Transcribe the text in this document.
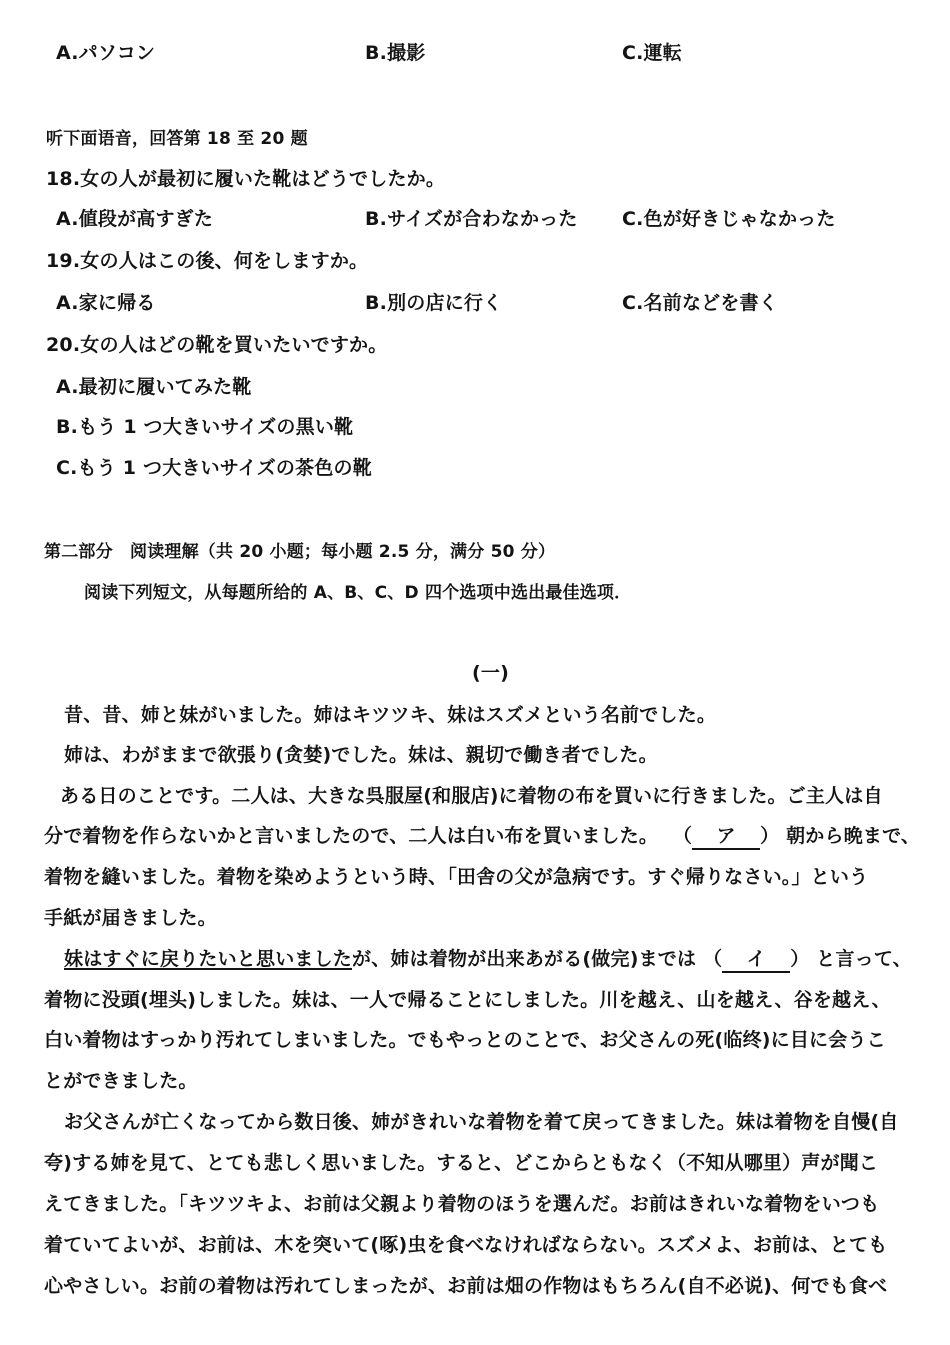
A.パソコン	B.撮影	C.運転
听下面语音，回答第 18 至 20 题
18.女の人が最初に履いた靴はどうでしたか。
A.値段が高すぎた	B.サイズが合わなかった C.色が好きじゃなかった
19.女の人はこの後、何をしますか。
A.家に帰る	B.別の店に行く	C.名前などを書く
20.女の人はどの靴を買いたいですか。
A.最初に履いてみた靴
B.もう 1 つ大きいサイズの黒い靴
C.もう 1 つ大きいサイズの茶色の靴
第二部分　阅读理解（共 20 小题；每小题 2.5 分，满分 50 分）
阅读下列短文，从每题所给的 A、B、C、D 四个选项中选出最佳选项．
(一)
昔、昔、姉と妹がいました。姉はキツツキ、妹はスズメという名前でした。
姉は、わがままで欲張り(贪婪)でした。妹は、親切で働き者でした。
ある日のことです。二人は、大きな呉服屋(和服店)に着物の布を買いに行きました。ご主人は自
分で着物を作らないかと言いましたので、二人は白い布を買いました。 （ ア ） 朝から晩まで、
着物を縫いました。着物を染めようという時、「田舎の父が急病です。すぐ帰りなさい。」という
手紙が届きました。
妹はすぐに戻りたいと思いましたが、姉は着物が出来あがる(做完)までは （ イ ） と言って、
着物に没頭(埋头)しました。妹は、一人で帰ることにしました。川を越え、山を越え、谷を越え、
白い着物はすっかり汚れてしまいました。でもやっとのことで、お父さんの死(临终)に目に会うこ
とができました。
お父さんが亡くなってから数日後、姉がきれいな着物を着て戻ってきました。妹は着物を自慢(自
夸)する姉を見て、とても悲しく思いました。すると、どこからともなく（不知从哪里）声が聞こ
えてきました。「キツツキよ、お前は父親より着物のほうを選んだ。お前はきれいな着物をいつも
着ていてよいが、お前は、木を突いて(啄)虫を食べなければならない。スズメよ、お前は、とても
心やさしい。お前の着物は汚れてしまったが、お前は畑の作物はもちろん(自不必说)、何でも食べ
